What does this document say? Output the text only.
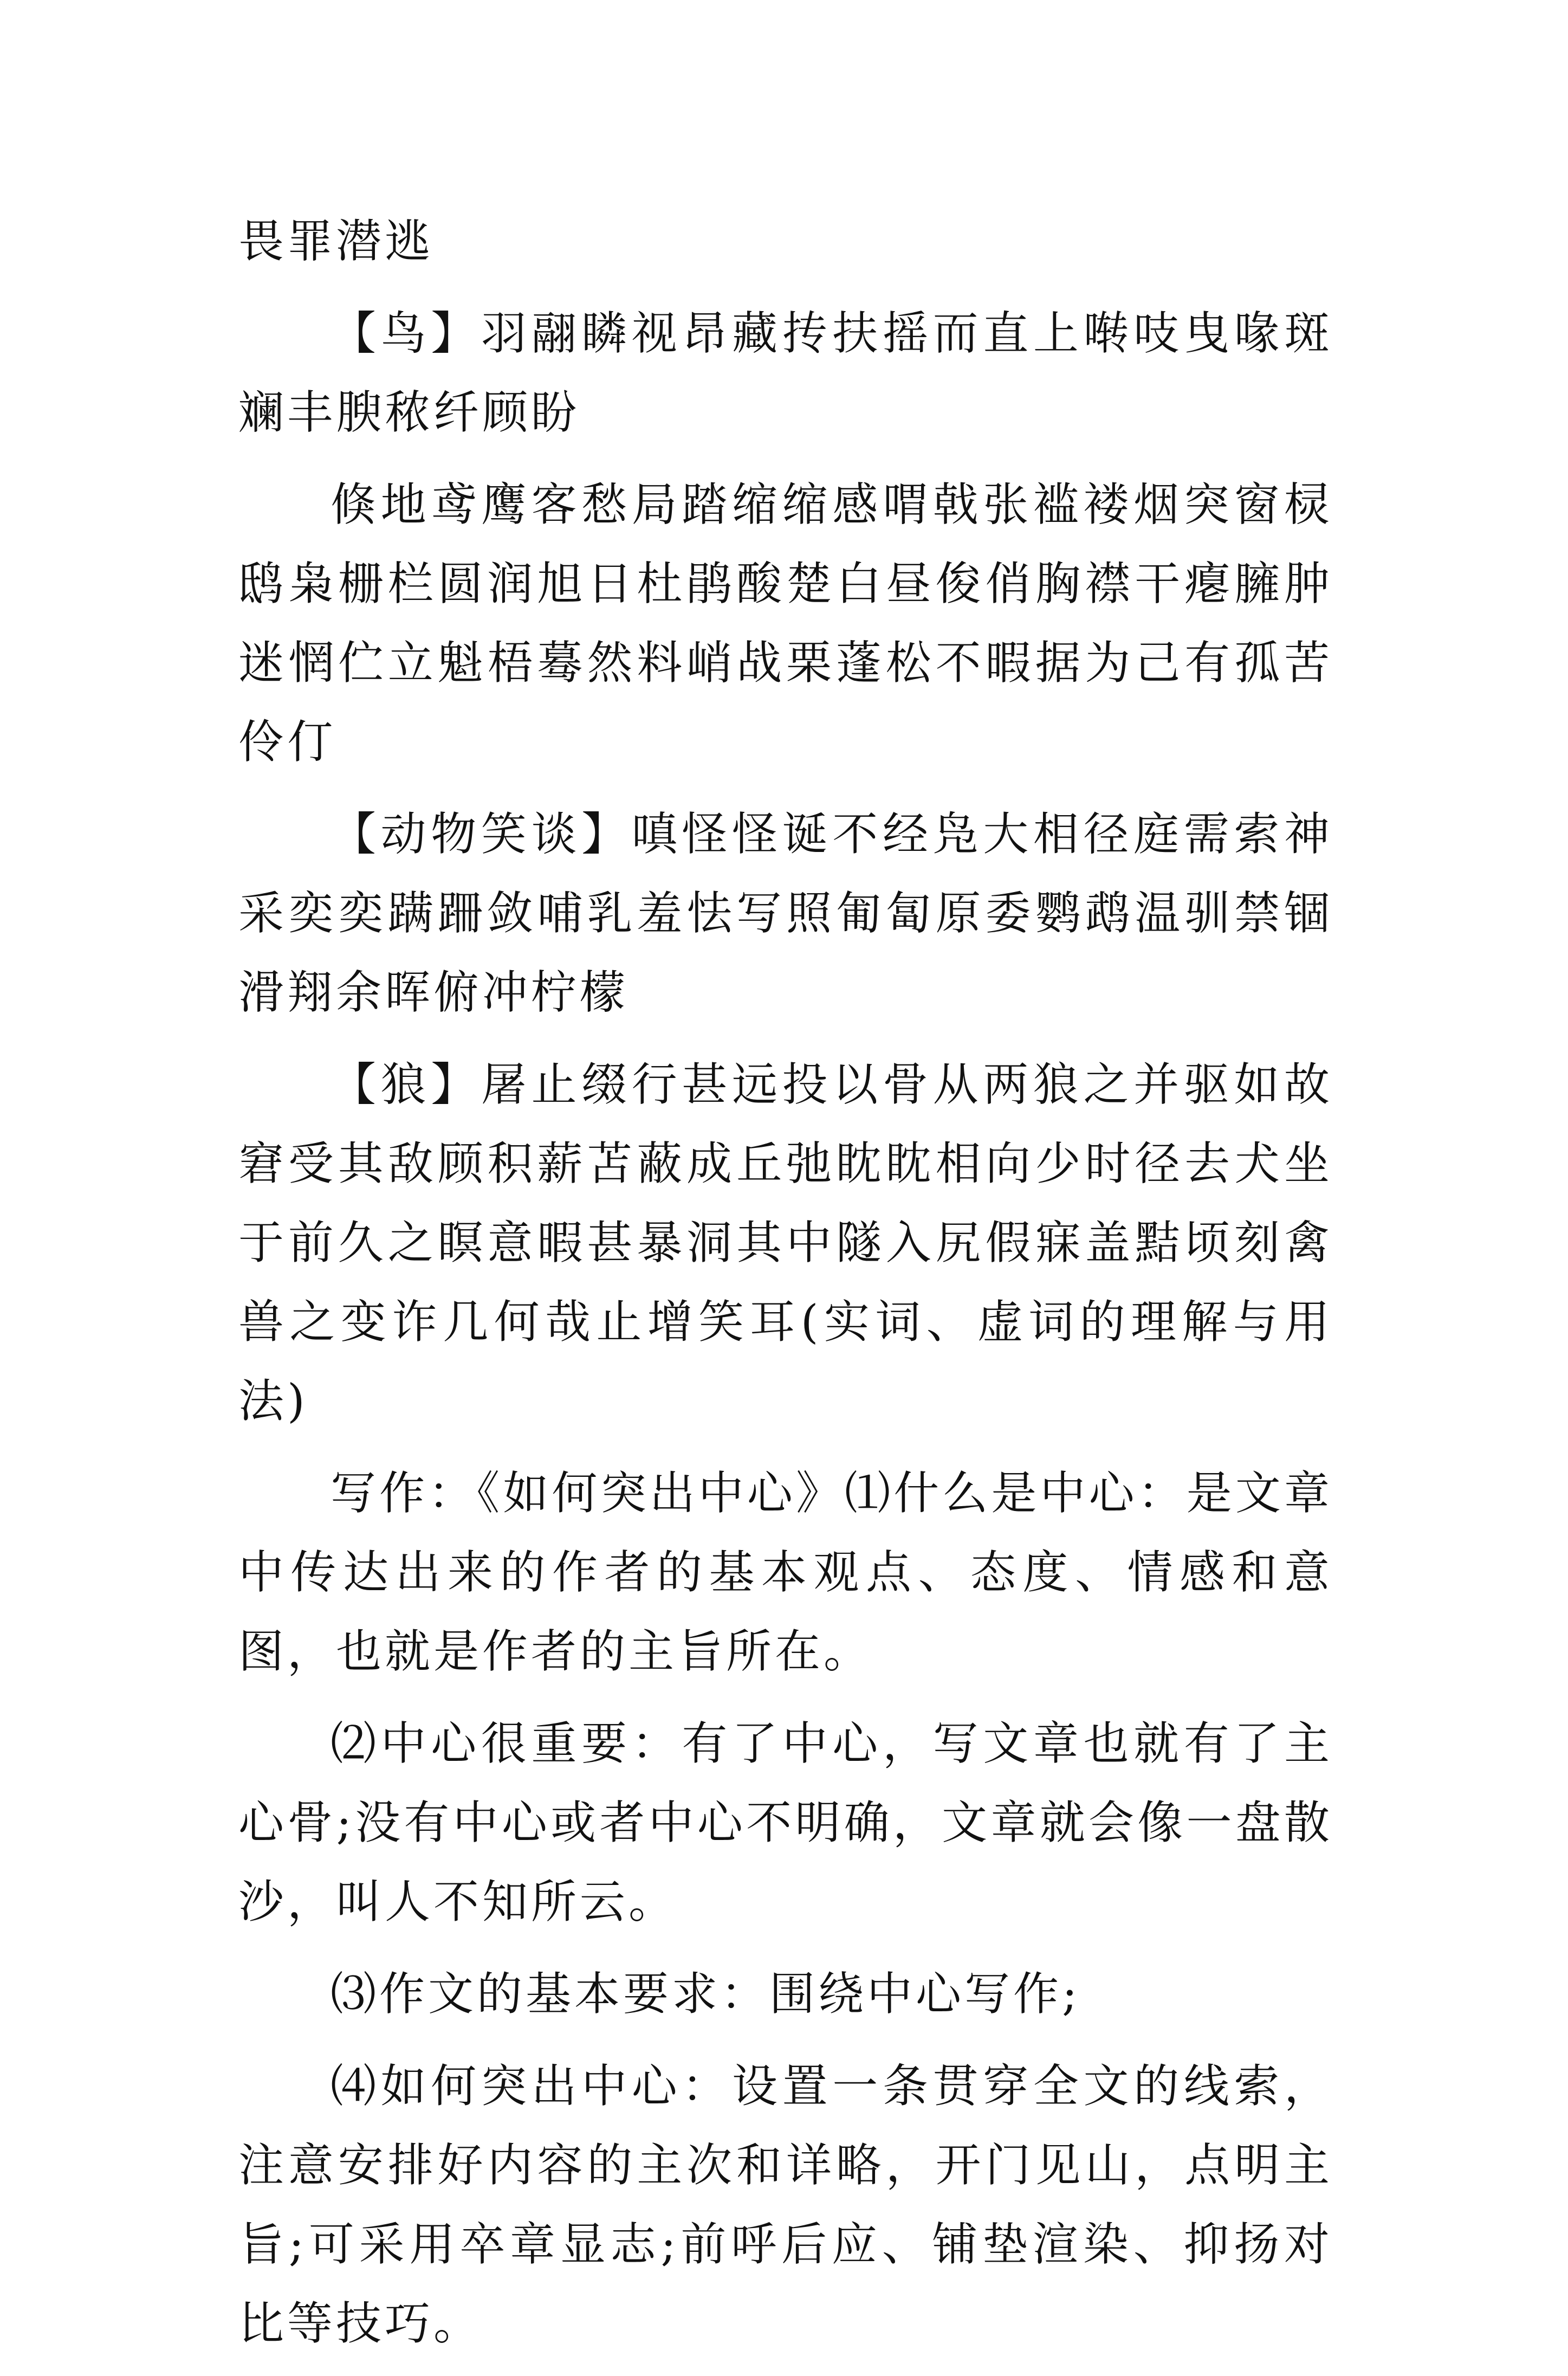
畏罪潜逃

【鸟】羽翮瞵视昂藏抟扶摇而直上啭吱曳喙斑斓丰腴秾纤顾盼

倏地鸢鹰客愁局踏缩缩感喟戟张褴褛烟突窗棂鸱枭栅栏圆润旭日杜鹃酸楚白昼俊俏胸襟干瘪臃肿迷惘伫立魁梧蓦然料峭战栗蓬松不暇据为己有孤苦伶仃

【动物笑谈】嗔怪怪诞不经凫大相径庭需索神采奕奕蹒跚敛哺乳羞怯写照匍匐原委鹦鹉温驯禁锢滑翔余晖俯冲柠檬

【狼】屠止缀行甚远投以骨从两狼之并驱如故窘受其敌顾积薪苫蔽成丘弛眈眈相向少时径去犬坐于前久之瞑意暇甚暴洞其中隧入尻假寐盖黠顷刻禽兽之变诈几何哉止增笑耳(实词、虚词的理解与用法)

写作：《如何突出中心》⑴什么是中心：是文章中传达出来的作者的基本观点、态度、情感和意图，也就是作者的主旨所在。

⑵中心很重要：有了中心，写文章也就有了主心骨;没有中心或者中心不明确，文章就会像一盘散沙，叫人不知所云。

⑶作文的基本要求：围绕中心写作;

⑷如何突出中心：设置一条贯穿全文的线索，注意安排好内容的主次和详略，开门见山，点明主旨;可采用卒章显志;前呼后应、铺垫渲染、抑扬对比等技巧。
